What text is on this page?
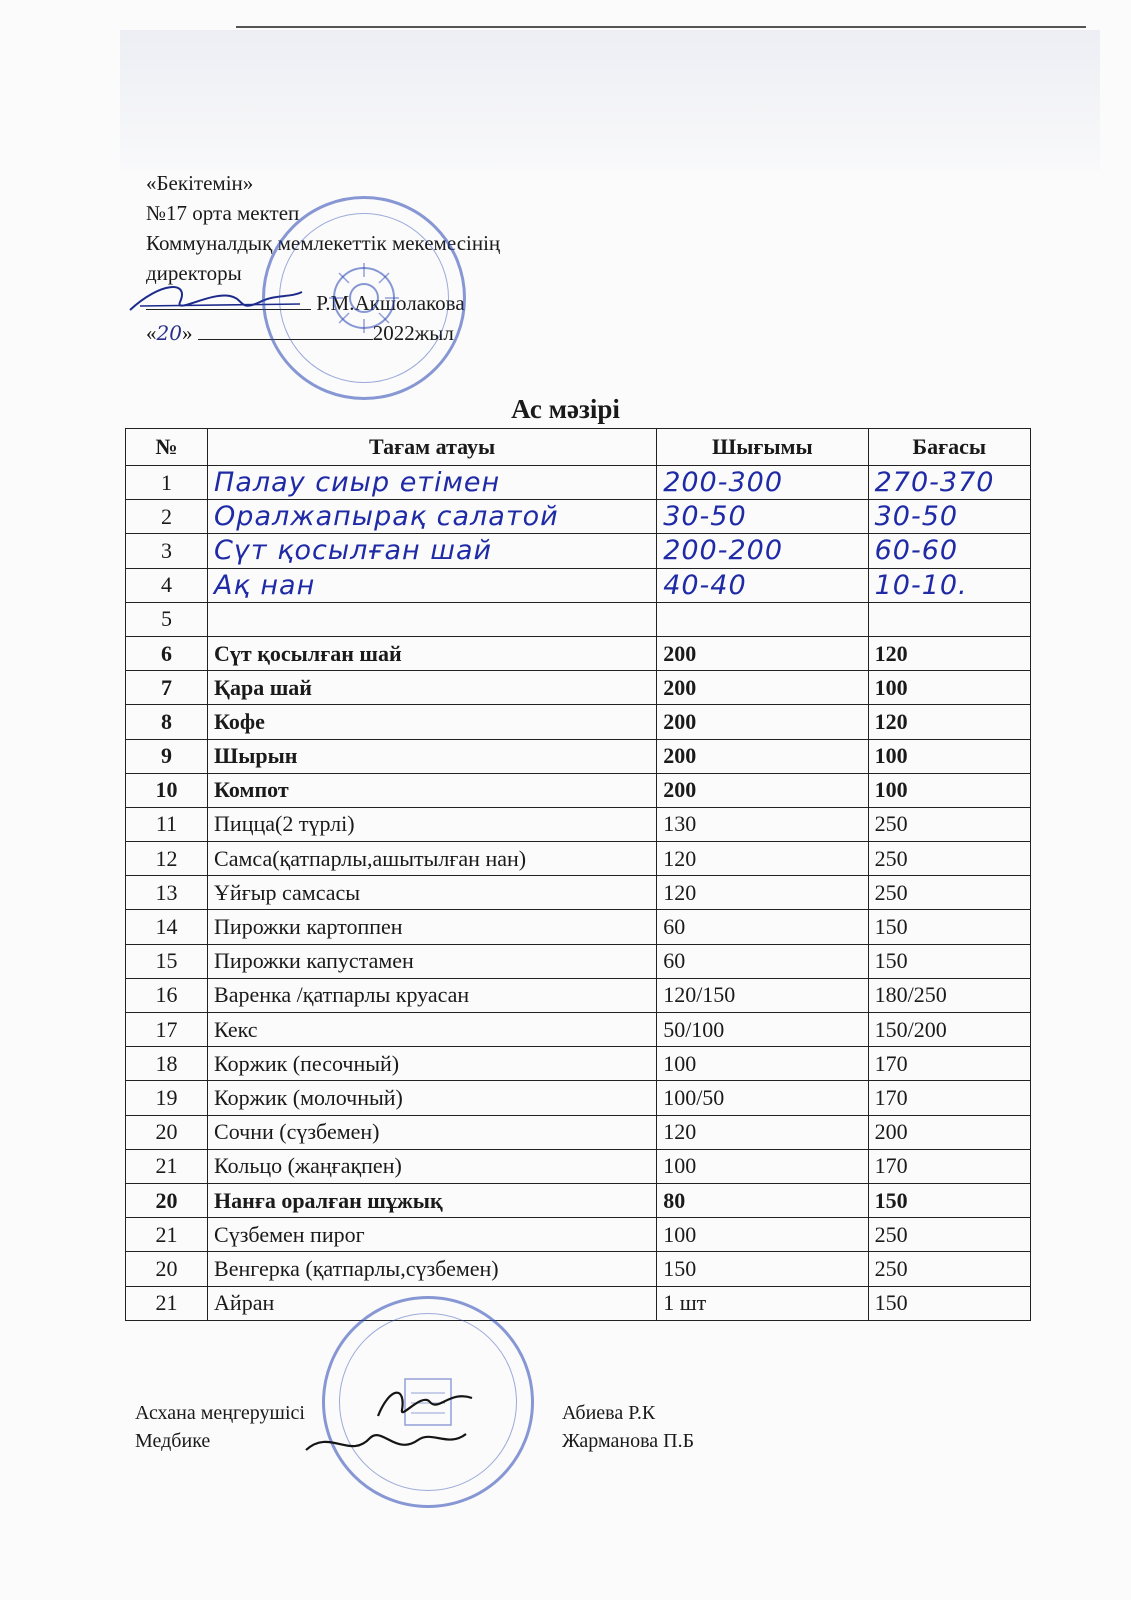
«Бекітемін»
№17 орта мектеп
Коммуналдық мемлекеттік мекемесінің
директоры
Р.М.Акшолакова
«20»	2022жыл
Ас мәзірі
№	Тағам атауы	Шығымы	Бағасы
1	Палау сиыр етімен	200-300	270-370
2	Оралжапырақ салатой	30-50	30-50
3	Сүт қосылған шай	200-200	60-60
4	Ақ нан	40-40	10-10.
5			
6	Сүт қосылған шай	200	120
7	Қара шай	200	100
8	Кофе	200	120
9	Шырын	200	100
10	Компот	200	100
11	Пицца(2 түрлі)	130	250
12	Самса(қатпарлы,ашытылған нан)	120	250
13	Ұйғыр самсасы	120	250
14	Пирожки картоппен	60	150
15	Пирожки капустамен	60	150
16	Варенка /қатпарлы круасан	120/150	180/250
17	Кекс	50/100	150/200
18	Коржик (песочный)	100	170
19	Коржик (молочный)	100/50	170
20	Сочни (сүзбемен)	120	200
21	Кольцо (жаңғақпен)	100	170
20	Нанға оралған шұжық	80	150
21	Сүзбемен пирог	100	250
20	Венгерка (қатпарлы,сүзбемен)	150	250
21	Айран	1 шт	150
Асхана меңгерушісі	Абиева Р.К
Медбике	Жарманова П.Б
